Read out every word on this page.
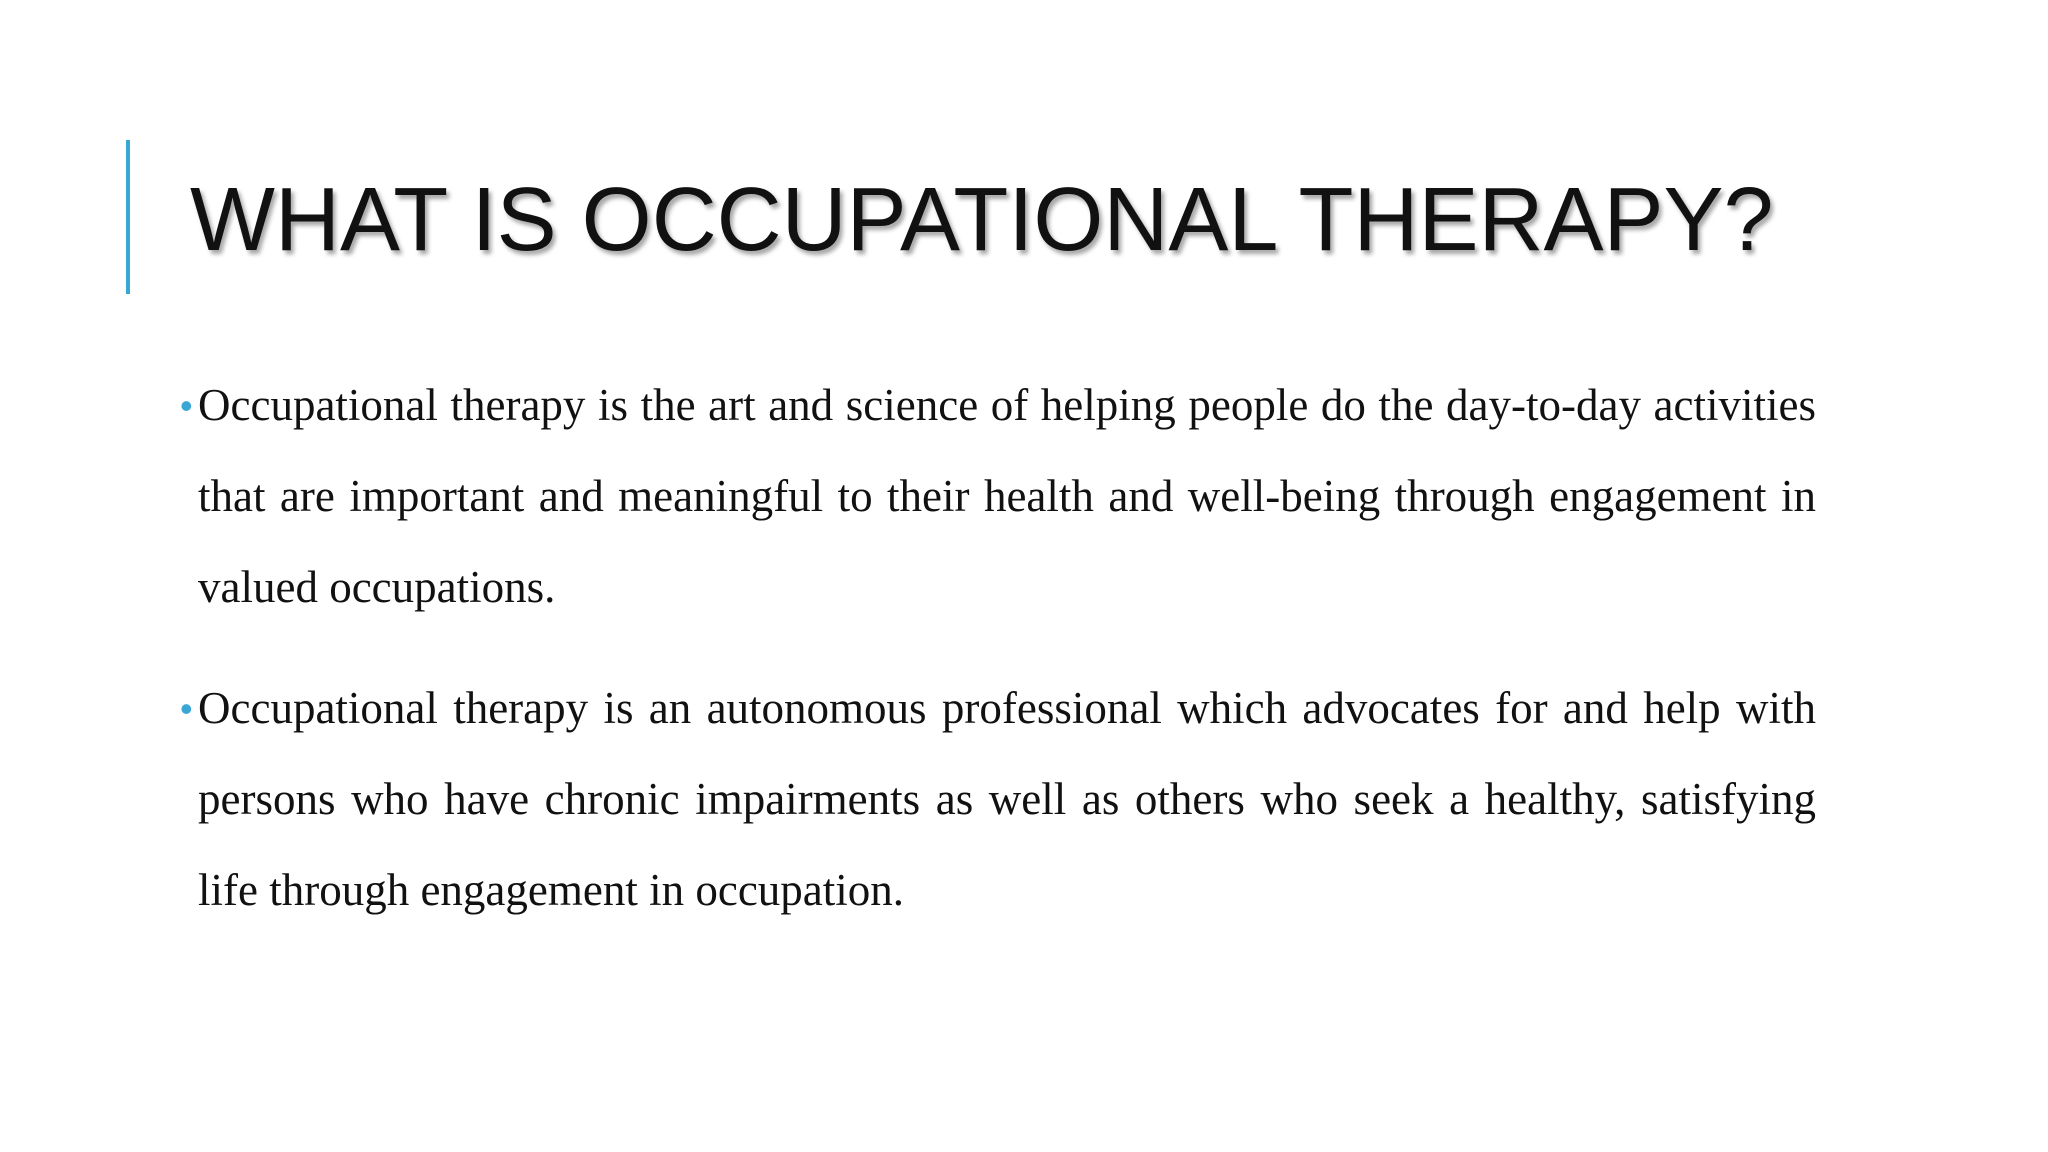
WHAT IS OCCUPATIONAL THERAPY?
• Occupational therapy is the art and science of helping people do the day-to-day activities that are important and meaningful to their health and well-being through engagement in valued occupations.
• Occupational therapy is an autonomous professional which advocates for and help with persons who have chronic impairments as well as others who seek a healthy, satisfying life through engagement in occupation.
